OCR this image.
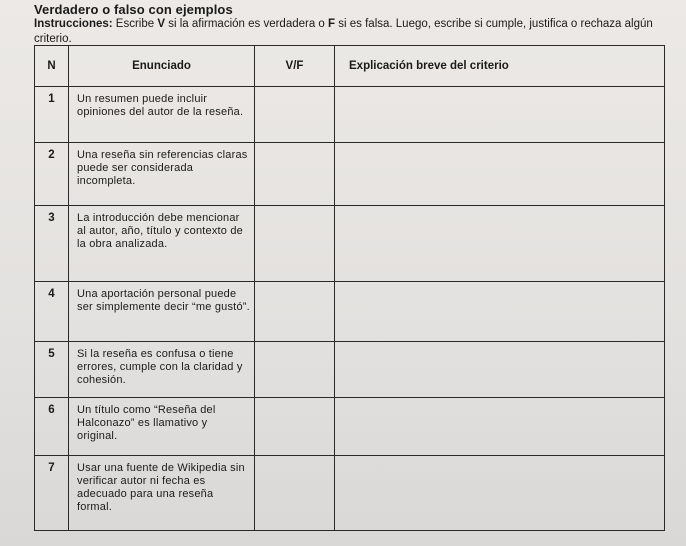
Verdadero o falso con ejemplos
Instrucciones: Escribe V si la afirmación es verdadera o F si es falsa. Luego, escribe si cumple, justifica o rechaza algún criterio.
N	Enunciado	V/F	Explicación breve del criterio
1	Un resumen puede incluir opiniones del autor de la reseña.		
2	Una reseña sin referencias claras puede ser considerada incompleta.		
3	La introducción debe mencionar al autor, año, título y contexto de la obra analizada.		
4	Una aportación personal puede ser simplemente decir “me gustó”.		
5	Si la reseña es confusa o tiene errores, cumple con la claridad y cohesión.		
6	Un título como “Reseña del Halconazo” es llamativo y original.		
7	Usar una fuente de Wikipedia sin verificar autor ni fecha es adecuado para una reseña formal.		
